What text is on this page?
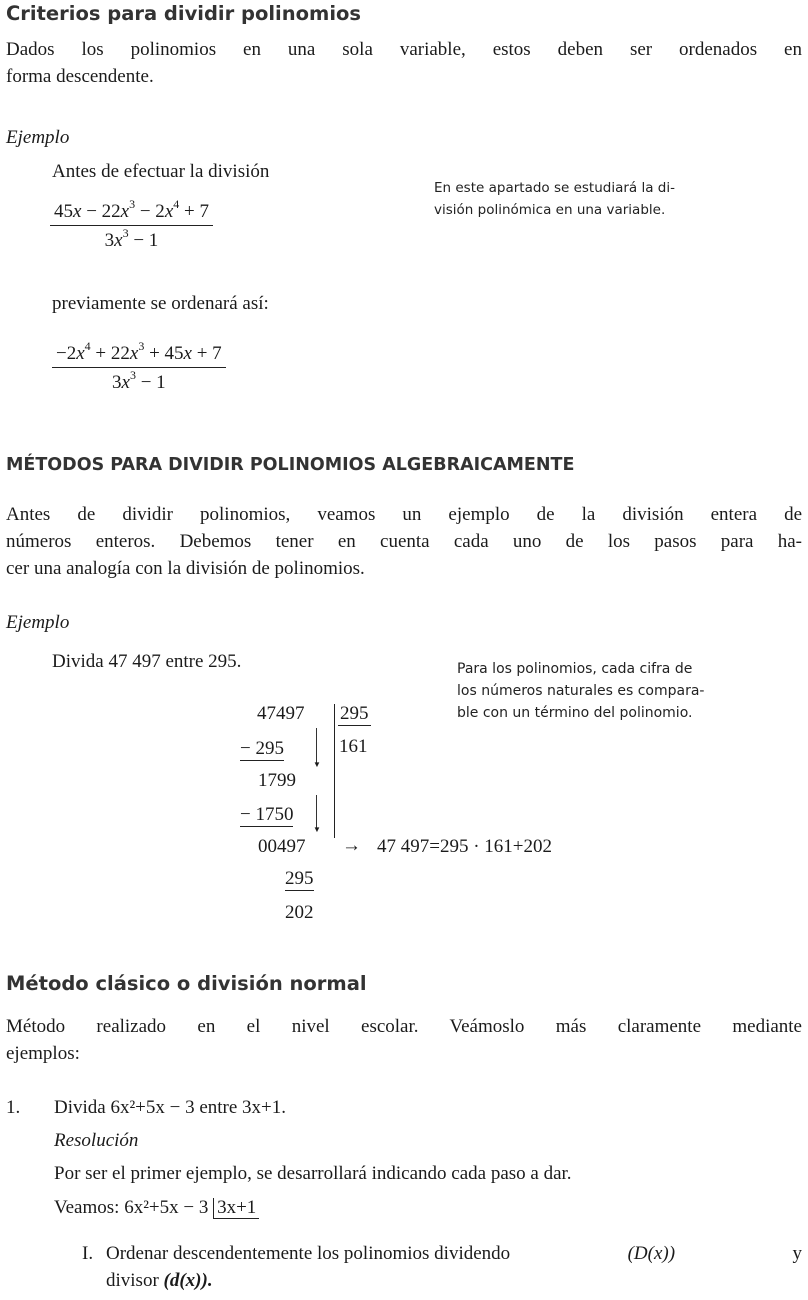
Criterios para dividir polinomios
Dados los polinomios en una sola variable, estos deben ser ordenados en
forma descendente.
Ejemplo
Antes de efectuar la división
En este apartado se estudiará la di-
visión polinómica en una variable.
$45x - 22x^3 - 2x^4 + 7$
$3x^3 - 1$
previamente se ordenará así:
$-2x^4 + 22x^3 + 45x + 7$
$3x^3 - 1$
MÉTODOS PARA DIVIDIR POLINOMIOS ALGEBRAICAMENTE
Antes de dividir polinomios, veamos un ejemplo de la división entera de
números enteros. Debemos tener en cuenta cada uno de los pasos para ha-
cer una analogía con la división de polinomios.
Ejemplo
Divida 47 497 entre 295.	Para los polinomios, cada cifra de
los números naturales es compara-
ble con un término del polinomio.
47497 295
161
− 295
▼
1799
− 1750
▼
00497 → 47 497=295 · 161+202
295
202
Método clásico o división normal
Método realizado en el nivel escolar. Veámoslo más claramente mediante
ejemplos:
1. Divida 6x²+5x − 3 entre 3x+1.
Resolución
Por ser el primer ejemplo, se desarrollará indicando cada paso a dar.
Veamos: 6x²+5x − 3 3x+1
I. Ordenar descendentemente los polinomios dividendo	(D(x))	y
divisor (d(x)).
